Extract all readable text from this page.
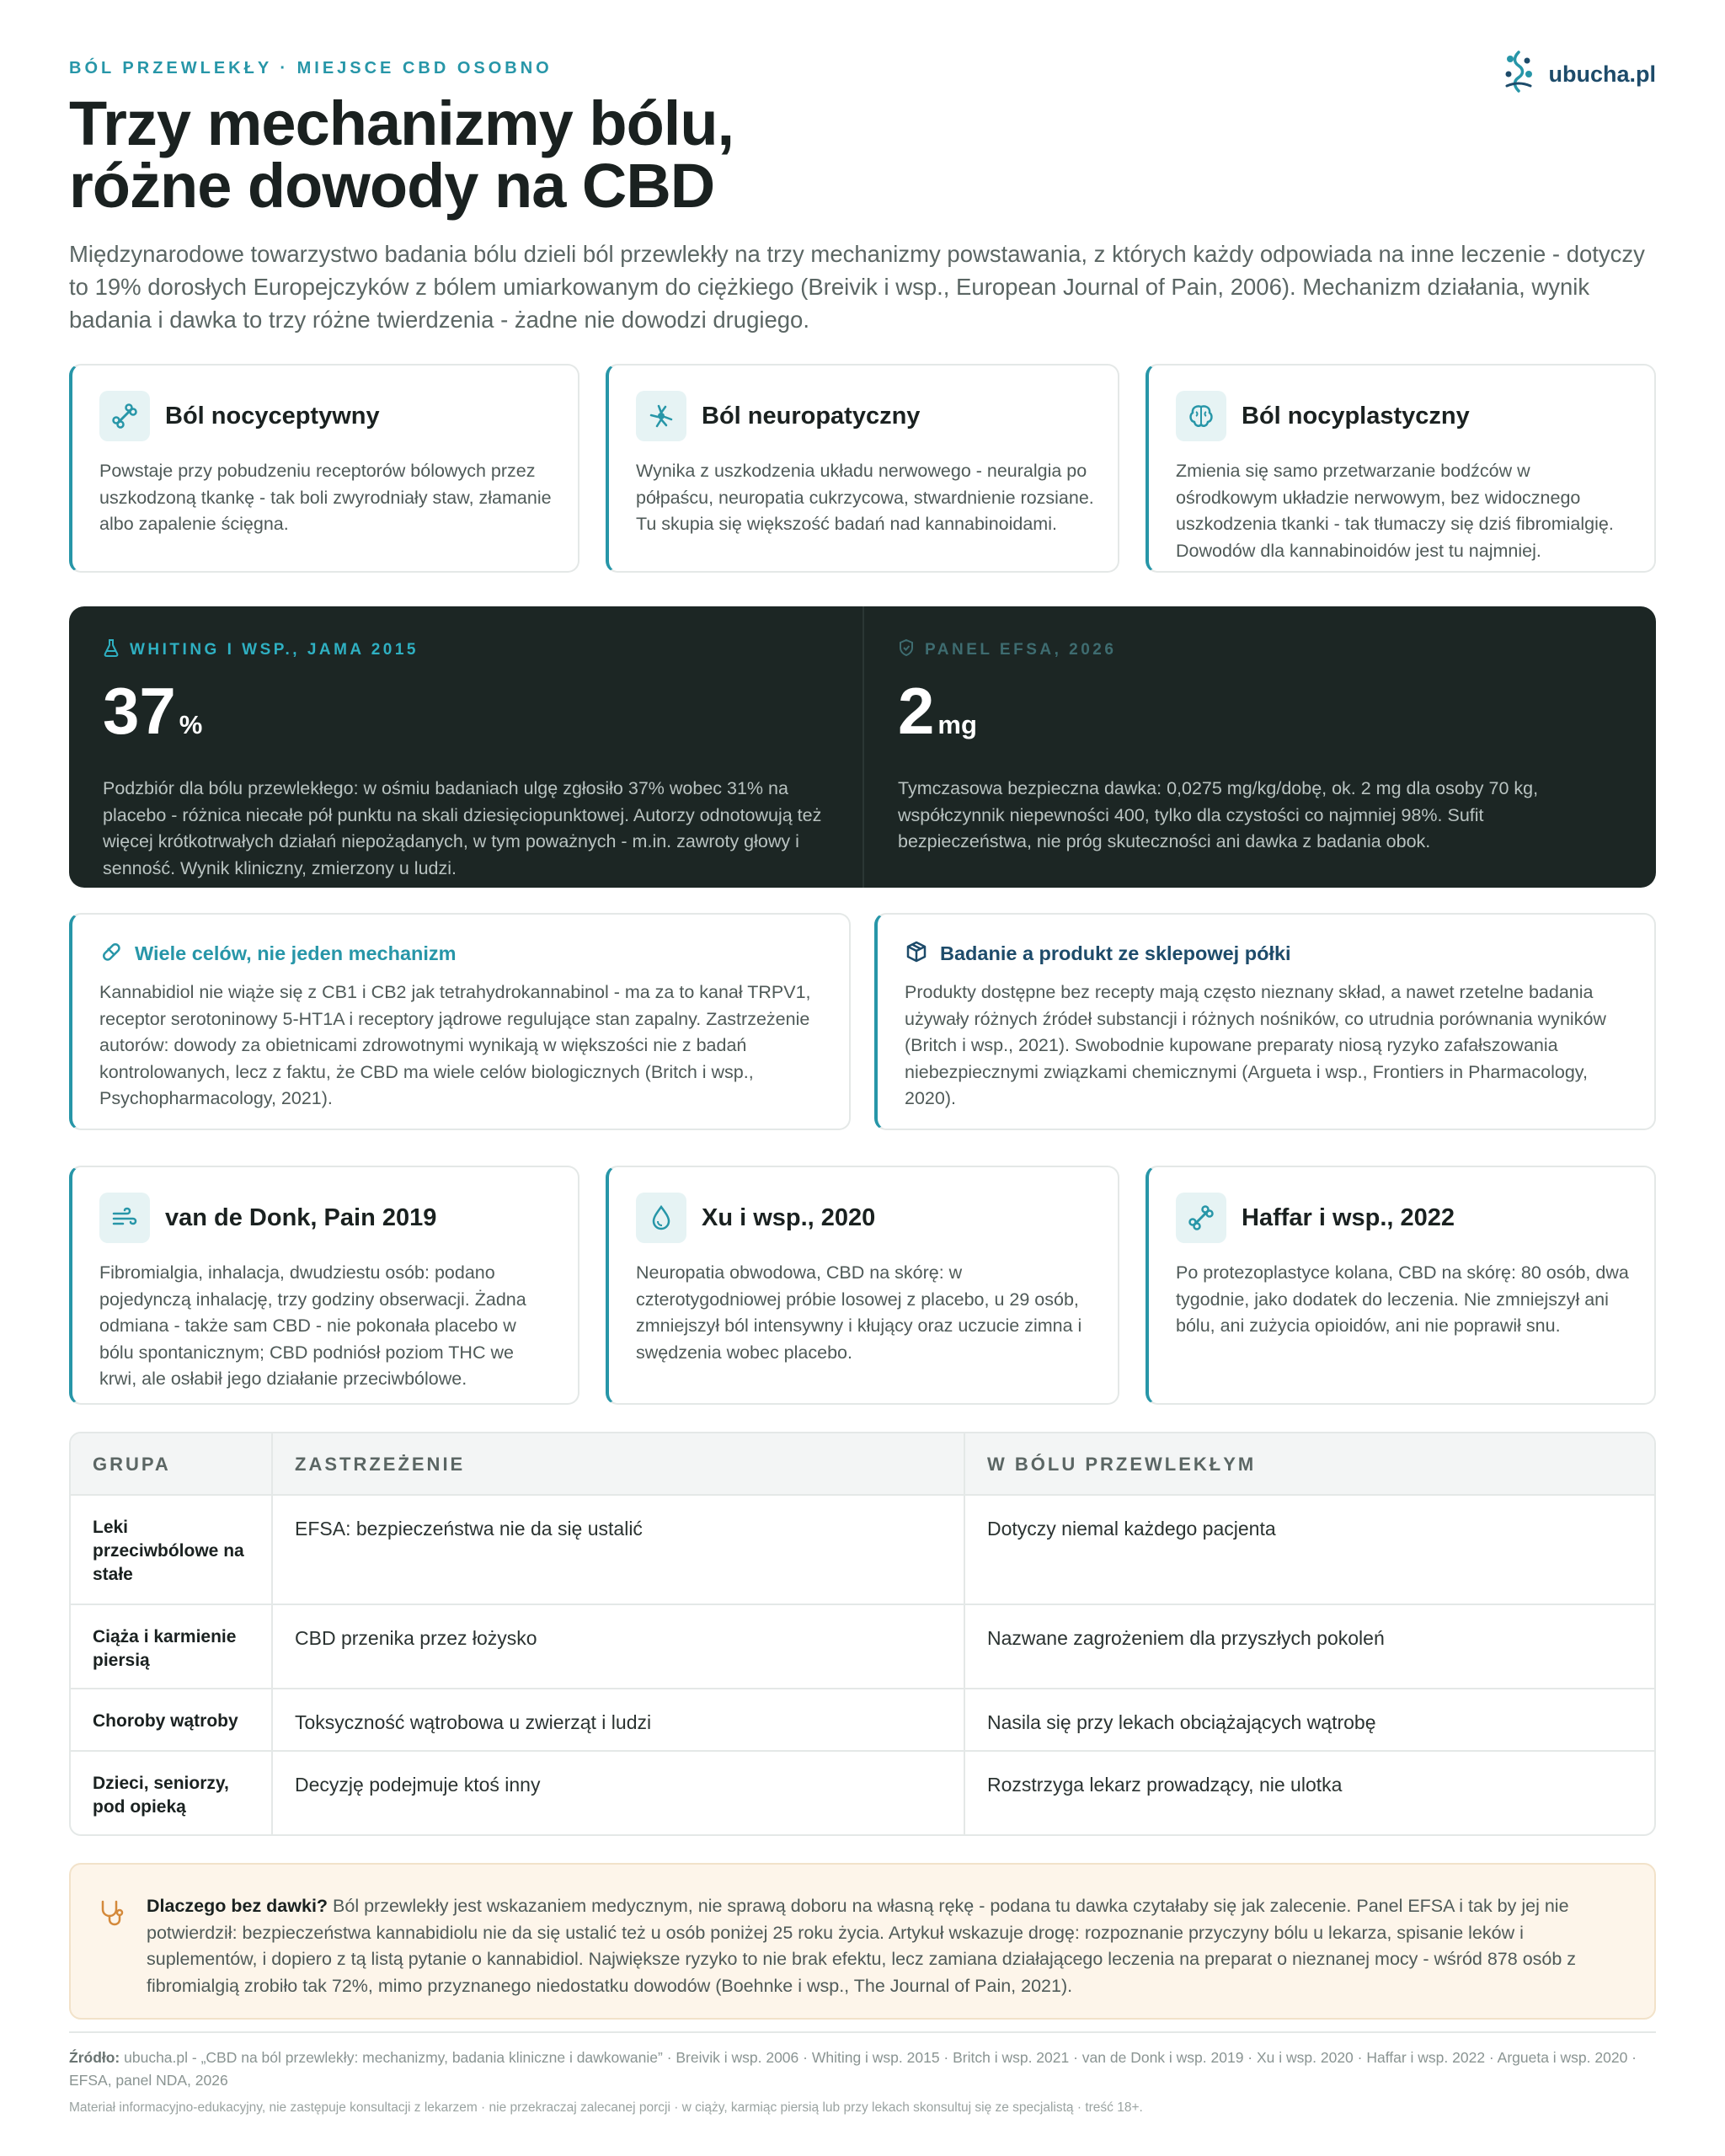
BÓL PRZEWLEKŁY · MIEJSCE CBD OSOBNO	ubucha.pl
Trzy mechanizmy bólu,
różne dowody na CBD

Międzynarodowe towarzystwo badania bólu dzieli ból przewlekły na trzy mechanizmy powstawania, z których każdy odpowiada na inne leczenie - dotyczy to 19% dorosłych Europejczyków z bólem umiarkowanym do ciężkiego (Breivik i wsp., European Journal of Pain, 2006). Mechanizm działania, wynik badania i dawka to trzy różne twierdzenia - żadne nie dowodzi drugiego.

Ból nocyceptywny
Powstaje przy pobudzeniu receptorów bólowych przez uszkodzoną tkankę - tak boli zwyrodniały staw, złamanie albo zapalenie ścięgna.
Ból neuropatyczny
Wynika z uszkodzenia układu nerwowego - neuralgia po półpaścu, neuropatia cukrzycowa, stwardnienie rozsiane. Tu skupia się większość badań nad kannabinoidami.
Ból nocyplastyczny
Zmienia się samo przetwarzanie bodźców w ośrodkowym układzie nerwowym, bez widocznego uszkodzenia tkanki - tak tłumaczy się dziś fibromialgię. Dowodów dla kannabinoidów jest tu najmniej.
WHITING I WSP., JAMA 2015
37 %
Podzbiór dla bólu przewlekłego: w ośmiu badaniach ulgę zgłosiło 37% wobec 31% na placebo - różnica niecałe pół punktu na skali dziesięciopunktowej. Autorzy odnotowują też więcej krótkotrwałych działań niepożądanych, w tym poważnych - m.in. zawroty głowy i senność. Wynik kliniczny, zmierzony u ludzi.
PANEL EFSA, 2026
2 mg
Tymczasowa bezpieczna dawka: 0,0275 mg/kg/dobę, ok. 2 mg dla osoby 70 kg, współczynnik niepewności 400, tylko dla czystości co najmniej 98%. Sufit bezpieczeństwa, nie próg skuteczności ani dawka z badania obok.
Wiele celów, nie jeden mechanizm
Kannabidiol nie wiąże się z CB1 i CB2 jak tetrahydrokannabinol - ma za to kanał TRPV1, receptor serotoninowy 5-HT1A i receptory jądrowe regulujące stan zapalny. Zastrzeżenie autorów: dowody za obietnicami zdrowotnymi wynikają w większości nie z badań kontrolowanych, lecz z faktu, że CBD ma wiele celów biologicznych (Britch i wsp., Psychopharmacology, 2021).
Badanie a produkt ze sklepowej półki
Produkty dostępne bez recepty mają często nieznany skład, a nawet rzetelne badania używały różnych źródeł substancji i różnych nośników, co utrudnia porównania wyników (Britch i wsp., 2021). Swobodnie kupowane preparaty niosą ryzyko zafałszowania niebezpiecznymi związkami chemicznymi (Argueta i wsp., Frontiers in Pharmacology, 2020).
van de Donk, Pain 2019
Fibromialgia, inhalacja, dwudziestu osób: podano pojedynczą inhalację, trzy godziny obserwacji. Żadna odmiana - także sam CBD - nie pokonała placebo w bólu spontanicznym; CBD podniósł poziom THC we krwi, ale osłabił jego działanie przeciwbólowe.
Xu i wsp., 2020
Neuropatia obwodowa, CBD na skórę: w czterotygodniowej próbie losowej z placebo, u 29 osób, zmniejszył ból intensywny i kłujący oraz uczucie zimna i swędzenia wobec placebo.
Haffar i wsp., 2022
Po protezoplastyce kolana, CBD na skórę: 80 osób, dwa tygodnie, jako dodatek do leczenia. Nie zmniejszył ani bólu, ani zużycia opioidów, ani nie poprawił snu.
GRUPA	ZASTRZEŻENIE	W BÓLU PRZEWLEKŁYM
Leki przeciwbólowe na stałe
EFSA: bezpieczeństwa nie da się ustalić	Dotyczy niemal każdego pacjenta
Ciąża i karmienie piersią
CBD przenika przez łożysko	Nazwane zagrożeniem dla przyszłych pokoleń
Choroby wątroby	Toksyczność wątrobowa u zwierząt i ludzi	Nasila się przy lekach obciążających wątrobę
Dzieci, seniorzy, pod opieką
Decyzję podejmuje ktoś inny	Rozstrzyga lekarz prowadzący, nie ulotka

Dlaczego bez dawki? Ból przewlekły jest wskazaniem medycznym, nie sprawą doboru na własną rękę - podana tu dawka czytałaby się jak zalecenie. Panel EFSA i tak by jej nie potwierdził: bezpieczeństwa kannabidiolu nie da się ustalić też u osób poniżej 25 roku życia. Artykuł wskazuje drogę: rozpoznanie przyczyny bólu u lekarza, spisanie leków i suplementów, i dopiero z tą listą pytanie o kannabidiol. Największe ryzyko to nie brak efektu, lecz zamiana działającego leczenia na preparat o nieznanej mocy - wśród 878 osób z fibromialgią zrobiło tak 72%, mimo przyznanego niedostatku dowodów (Boehnke i wsp., The Journal of Pain, 2021).

Źródło: ubucha.pl - „CBD na ból przewlekły: mechanizmy, badania kliniczne i dawkowanie” · Breivik i wsp. 2006 · Whiting i wsp. 2015 · Britch i wsp. 2021 · van de Donk i wsp. 2019 · Xu i wsp. 2020 · Haffar i wsp. 2022 · Argueta i wsp. 2020 · EFSA, panel NDA, 2026

Materiał informacyjno-edukacyjny, nie zastępuje konsultacji z lekarzem · nie przekraczaj zalecanej porcji · w ciąży, karmiąc piersią lub przy lekach skonsultuj się ze specjalistą · treść 18+.
